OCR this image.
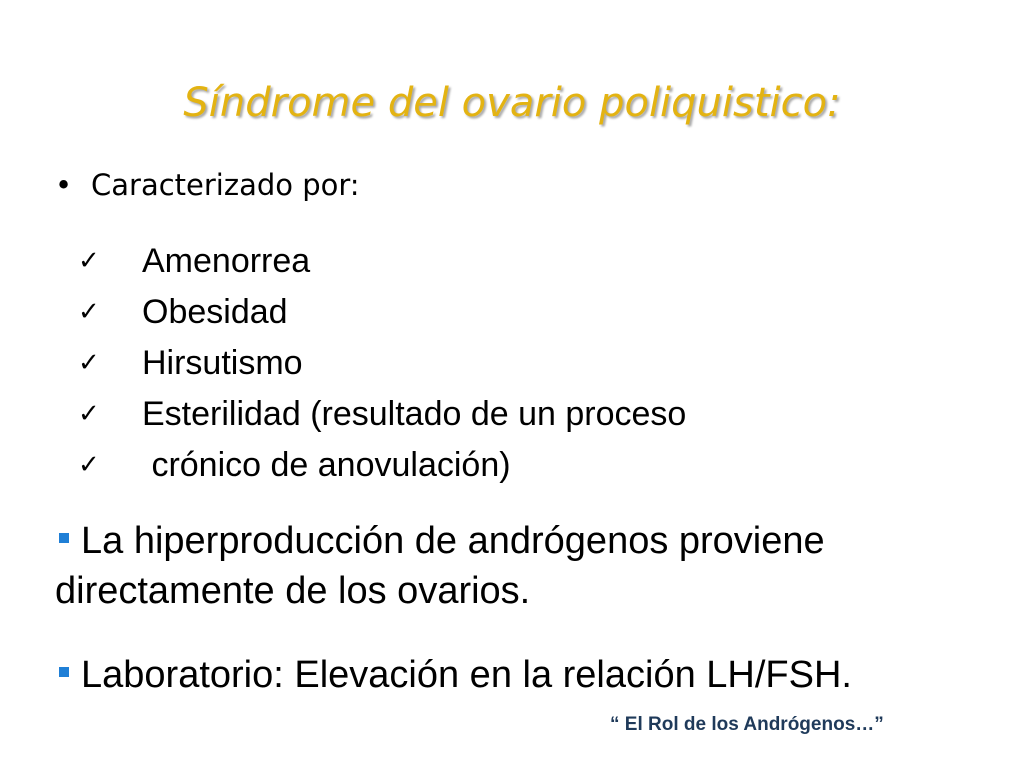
Síndrome del ovario poliquistico:
• Caracterizado por:
✓ Amenorrea
✓ Obesidad
✓ Hirsutismo
✓ Esterilidad (resultado de un proceso
✓ crónico de anovulación)

La hiperproducción de andrógenos proviene directamente de los ovarios.

Laboratorio: Elevación en la relación LH/FSH.

“ El Rol de los Andrógenos…”
